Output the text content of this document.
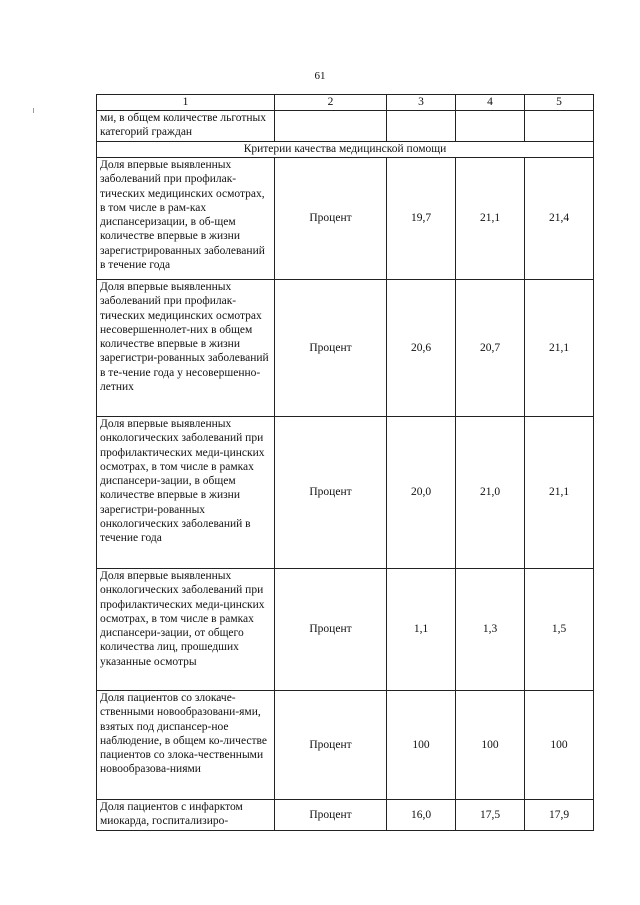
61
1	2	3	4	5
ми, в общем количестве льготных категорий граждан				
Критерии качества медицинской помощи				
Доля впервые выявленных заболеваний при профилак-тических медицинских осмотрах, в том числе в рам-ках диспансеризации, в об-щем количестве впервые в жизни зарегистрированных заболеваний в течение года	Процент	19,7	21,1	21,4
Доля впервые выявленных заболеваний при профилак-тических медицинских осмотрах несовершеннолет-них в общем количестве впервые в жизни зарегистри-рованных заболеваний в те-чение года у несовершенно-летних	Процент	20,6	20,7	21,1
Доля впервые выявленных онкологических заболеваний при профилактических меди-цинских осмотрах, в том числе в рамках диспансери-зации, в общем количестве впервые в жизни зарегистри-рованных онкологических заболеваний в течение года	Процент	20,0	21,0	21,1
Доля впервые выявленных онкологических заболеваний при профилактических меди-цинских осмотрах, в том числе в рамках диспансери-зации, от общего количества лиц, прошедших указанные осмотры	Процент	1,1	1,3	1,5
Доля пациентов со злокаче-ственными новообразовани-ями, взятых под диспансер-ное наблюдение, в общем ко-личестве пациентов со злока-чественными новообразова-ниями	Процент	100	100	100
Доля пациентов с инфарктом миокарда, госпитализиро-	Процент	16,0	17,5	17,9
